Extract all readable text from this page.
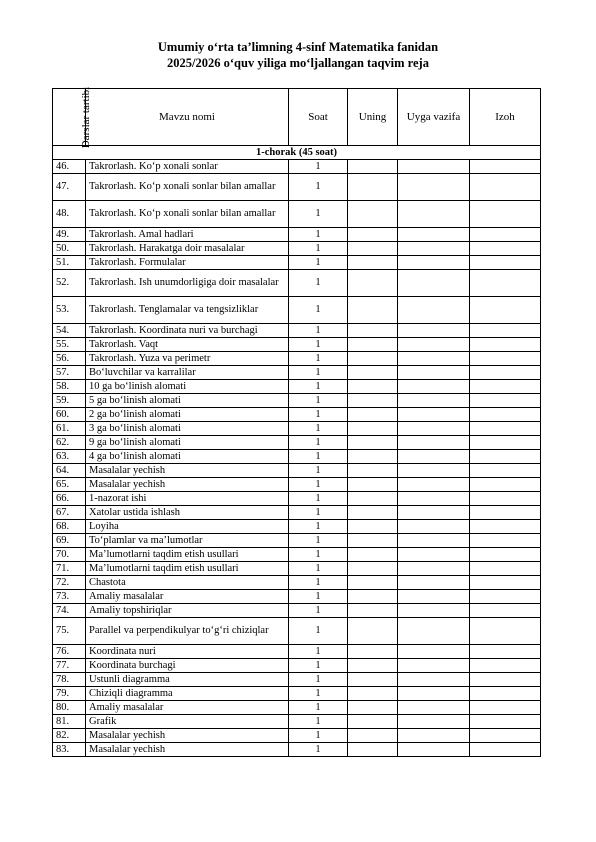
Umumiy o‘rta ta’limning 4-sinf Matematika fanidan
2025/2026 o‘quv yiliga mo‘ljallangan taqvim reja
Darslar tartibi	Mavzu nomi	Soat	Uning	Uyga vazifa	Izoh
1-chorak (45 soat)					
46.	Takrorlash. Ko‘p xonali sonlar	1			
47.	Takrorlash. Ko‘p xonali sonlar bilan amallar	1			
48.	Takrorlash. Ko‘p xonali sonlar bilan amallar	1			
49.	Takrorlash. Amal hadlari	1			
50.	Takrorlash. Harakatga doir masalalar	1			
51.	Takrorlash. Formulalar	1			
52.	Takrorlash. Ish unumdorligiga doir masalalar	1			
53.	Takrorlash. Tenglamalar va tengsizliklar	1			
54.	Takrorlash. Koordinata nuri va burchagi	1			
55.	Takrorlash. Vaqt	1			
56.	Takrorlash. Yuza va perimetr	1			
57.	Bo‘luvchilar va karralilar	1			
58.	10 ga bo‘linish alomati	1			
59.	5 ga bo‘linish alomati	1			
60.	2 ga bo‘linish alomati	1			
61.	3 ga bo‘linish alomati	1			
62.	9 ga bo‘linish alomati	1			
63.	4 ga bo‘linish alomati	1			
64.	Masalalar yechish	1			
65.	Masalalar yechish	1			
66.	1-nazorat ishi	1			
67.	Xatolar ustida ishlash	1			
68.	Loyiha	1			
69.	To‘plamlar va ma’lumotlar	1			
70.	Ma’lumotlarni taqdim etish usullari	1			
71.	Ma’lumotlarni taqdim etish usullari	1			
72.	Chastota	1			
73.	Amaliy masalalar	1			
74.	Amaliy topshiriqlar	1			
75.	Parallel va perpendikulyar to‘g‘ri chiziqlar	1			
76.	Koordinata nuri	1			
77.	Koordinata burchagi	1			
78.	Ustunli diagramma	1			
79.	Chiziqli diagramma	1			
80.	Amaliy masalalar	1			
81.	Grafik	1			
82.	Masalalar yechish	1			
83.	Masalalar yechish	1			
